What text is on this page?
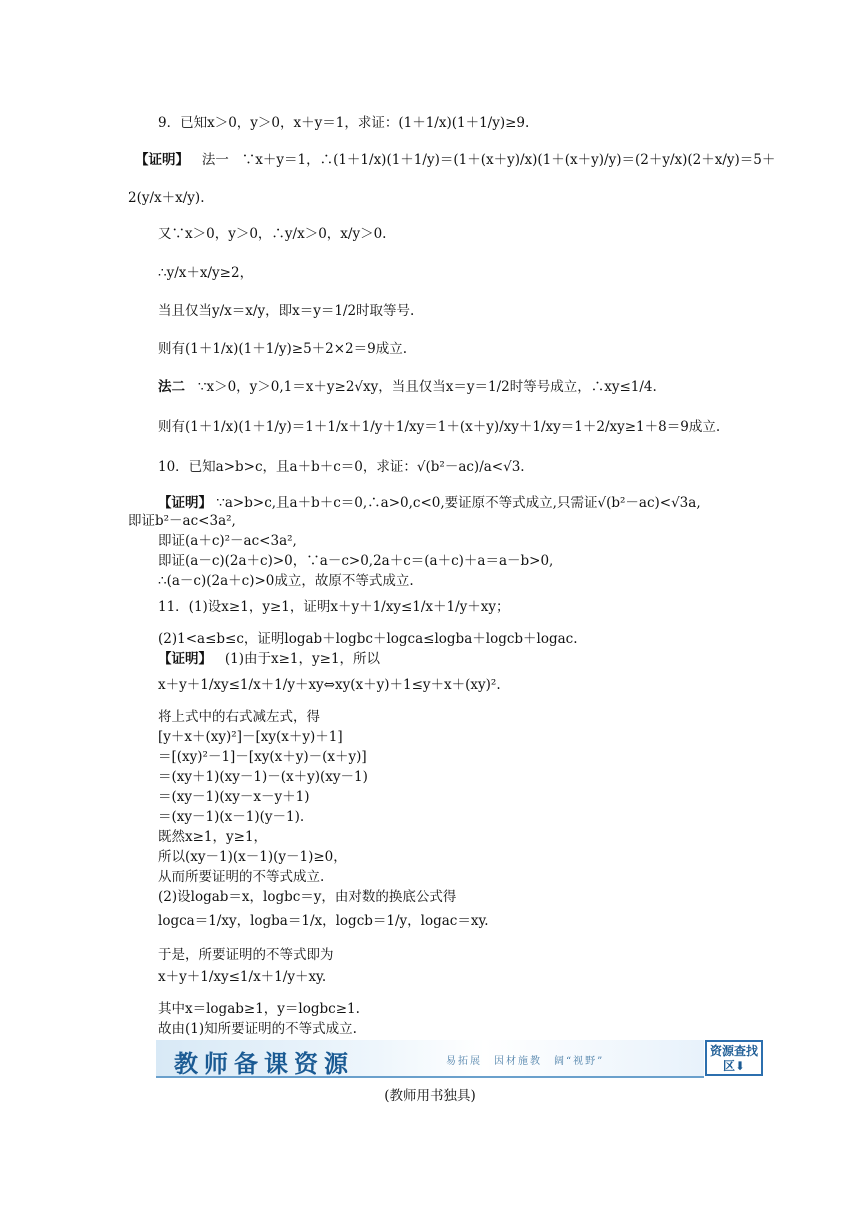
9．已知x＞0，y＞0，x＋y＝1，求证：(1＋1/x)(1＋1/y)≥9.
【证明】 法一 ∵x＋y＝1，∴(1＋1/x)(1＋1/y)＝(1＋(x＋y)/x)(1＋(x＋y)/y)＝(2＋y/x)(2＋x/y)＝5＋
2(y/x＋x/y).
又∵x＞0，y＞0，∴y/x＞0，x/y＞0.
∴y/x＋x/y≥2，
当且仅当y/x＝x/y，即x＝y＝1/2时取等号.
则有(1＋1/x)(1＋1/y)≥5＋2×2＝9成立.
法二 ∵x＞0，y＞0,1＝x＋y≥2√xy，当且仅当x＝y＝1/2时等号成立，∴xy≤1/4.
则有(1＋1/x)(1＋1/y)＝1＋1/x＋1/y＋1/xy＝1＋(x＋y)/xy＋1/xy＝1＋2/xy≥1＋8＝9成立.
10．已知a>b>c，且a＋b＋c＝0，求证：√(b²－ac)/a<√3.
【证明】 ∵a>b>c,且a＋b＋c＝0,∴a>0,c<0,要证原不等式成立,只需证√(b²－ac)<√3a,
即证b²－ac<3a²,
即证(a＋c)²－ac<3a²,
即证(a－c)(2a＋c)>0，∵a－c>0,2a＋c＝(a＋c)＋a＝a－b>0,
∴(a－c)(2a＋c)>0成立，故原不等式成立.
11．(1)设x≥1，y≥1，证明x＋y＋1/xy≤1/x＋1/y＋xy；
(2)1<a≤b≤c，证明logab＋logbc＋logca≤logba＋logcb＋logac.
【证明】 (1)由于x≥1，y≥1，所以
x＋y＋1/xy≤1/x＋1/y＋xy⇔xy(x＋y)＋1≤y＋x＋(xy)².
将上式中的右式减左式，得
[y＋x＋(xy)²]－[xy(x＋y)＋1]
＝[(xy)²－1]－[xy(x＋y)－(x＋y)]
＝(xy＋1)(xy－1)－(x＋y)(xy－1)
＝(xy－1)(xy－x－y＋1)
＝(xy－1)(x－1)(y－1).
既然x≥1，y≥1，
所以(xy－1)(x－1)(y－1)≥0，
从而所要证明的不等式成立.
(2)设logab＝x，logbc＝y，由对数的换底公式得
logca＝1/xy，logba＝1/x，logcb＝1/y，logac＝xy.
于是，所要证明的不等式即为
x＋y＋1/xy≤1/x＋1/y＋xy.
其中x＝logab≥1，y＝logbc≥1.
故由(1)知所要证明的不等式成立.
教师备课资源	易拓展　因材施教　阔“视野”
资源查找区⬇
(教师用书独具)
